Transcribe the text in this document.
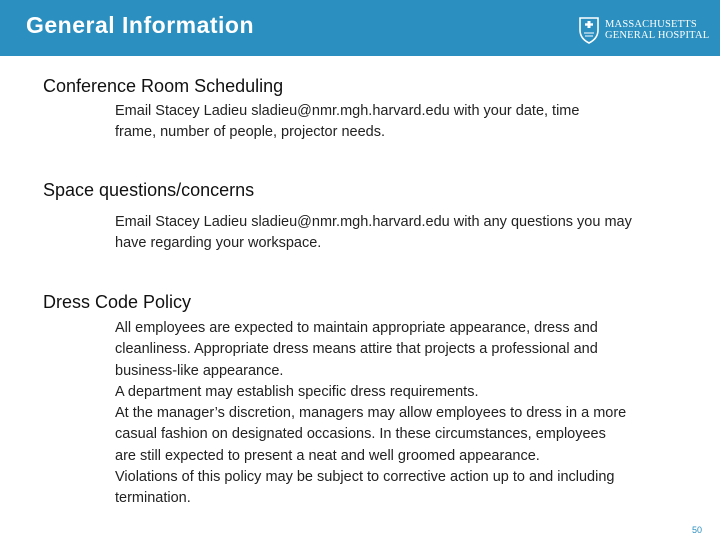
General Information	MASSACHUSETTS
GENERAL HOSPITAL
Conference Room Scheduling
Email Stacey Ladieu sladieu@nmr.mgh.harvard.edu with your date, time
frame, number of people, projector needs.
Space questions/concerns
Email Stacey Ladieu sladieu@nmr.mgh.harvard.edu with any questions you may
have regarding your workspace.
Dress Code Policy
All employees are expected to maintain appropriate appearance, dress and
cleanliness. Appropriate dress means attire that projects a professional and
business-like appearance.
A department may establish specific dress requirements.
At the manager’s discretion, managers may allow employees to dress in a more
casual fashion on designated occasions. In these circumstances, employees
are still expected to present a neat and well groomed appearance.
Violations of this policy may be subject to corrective action up to and including
termination.
50
